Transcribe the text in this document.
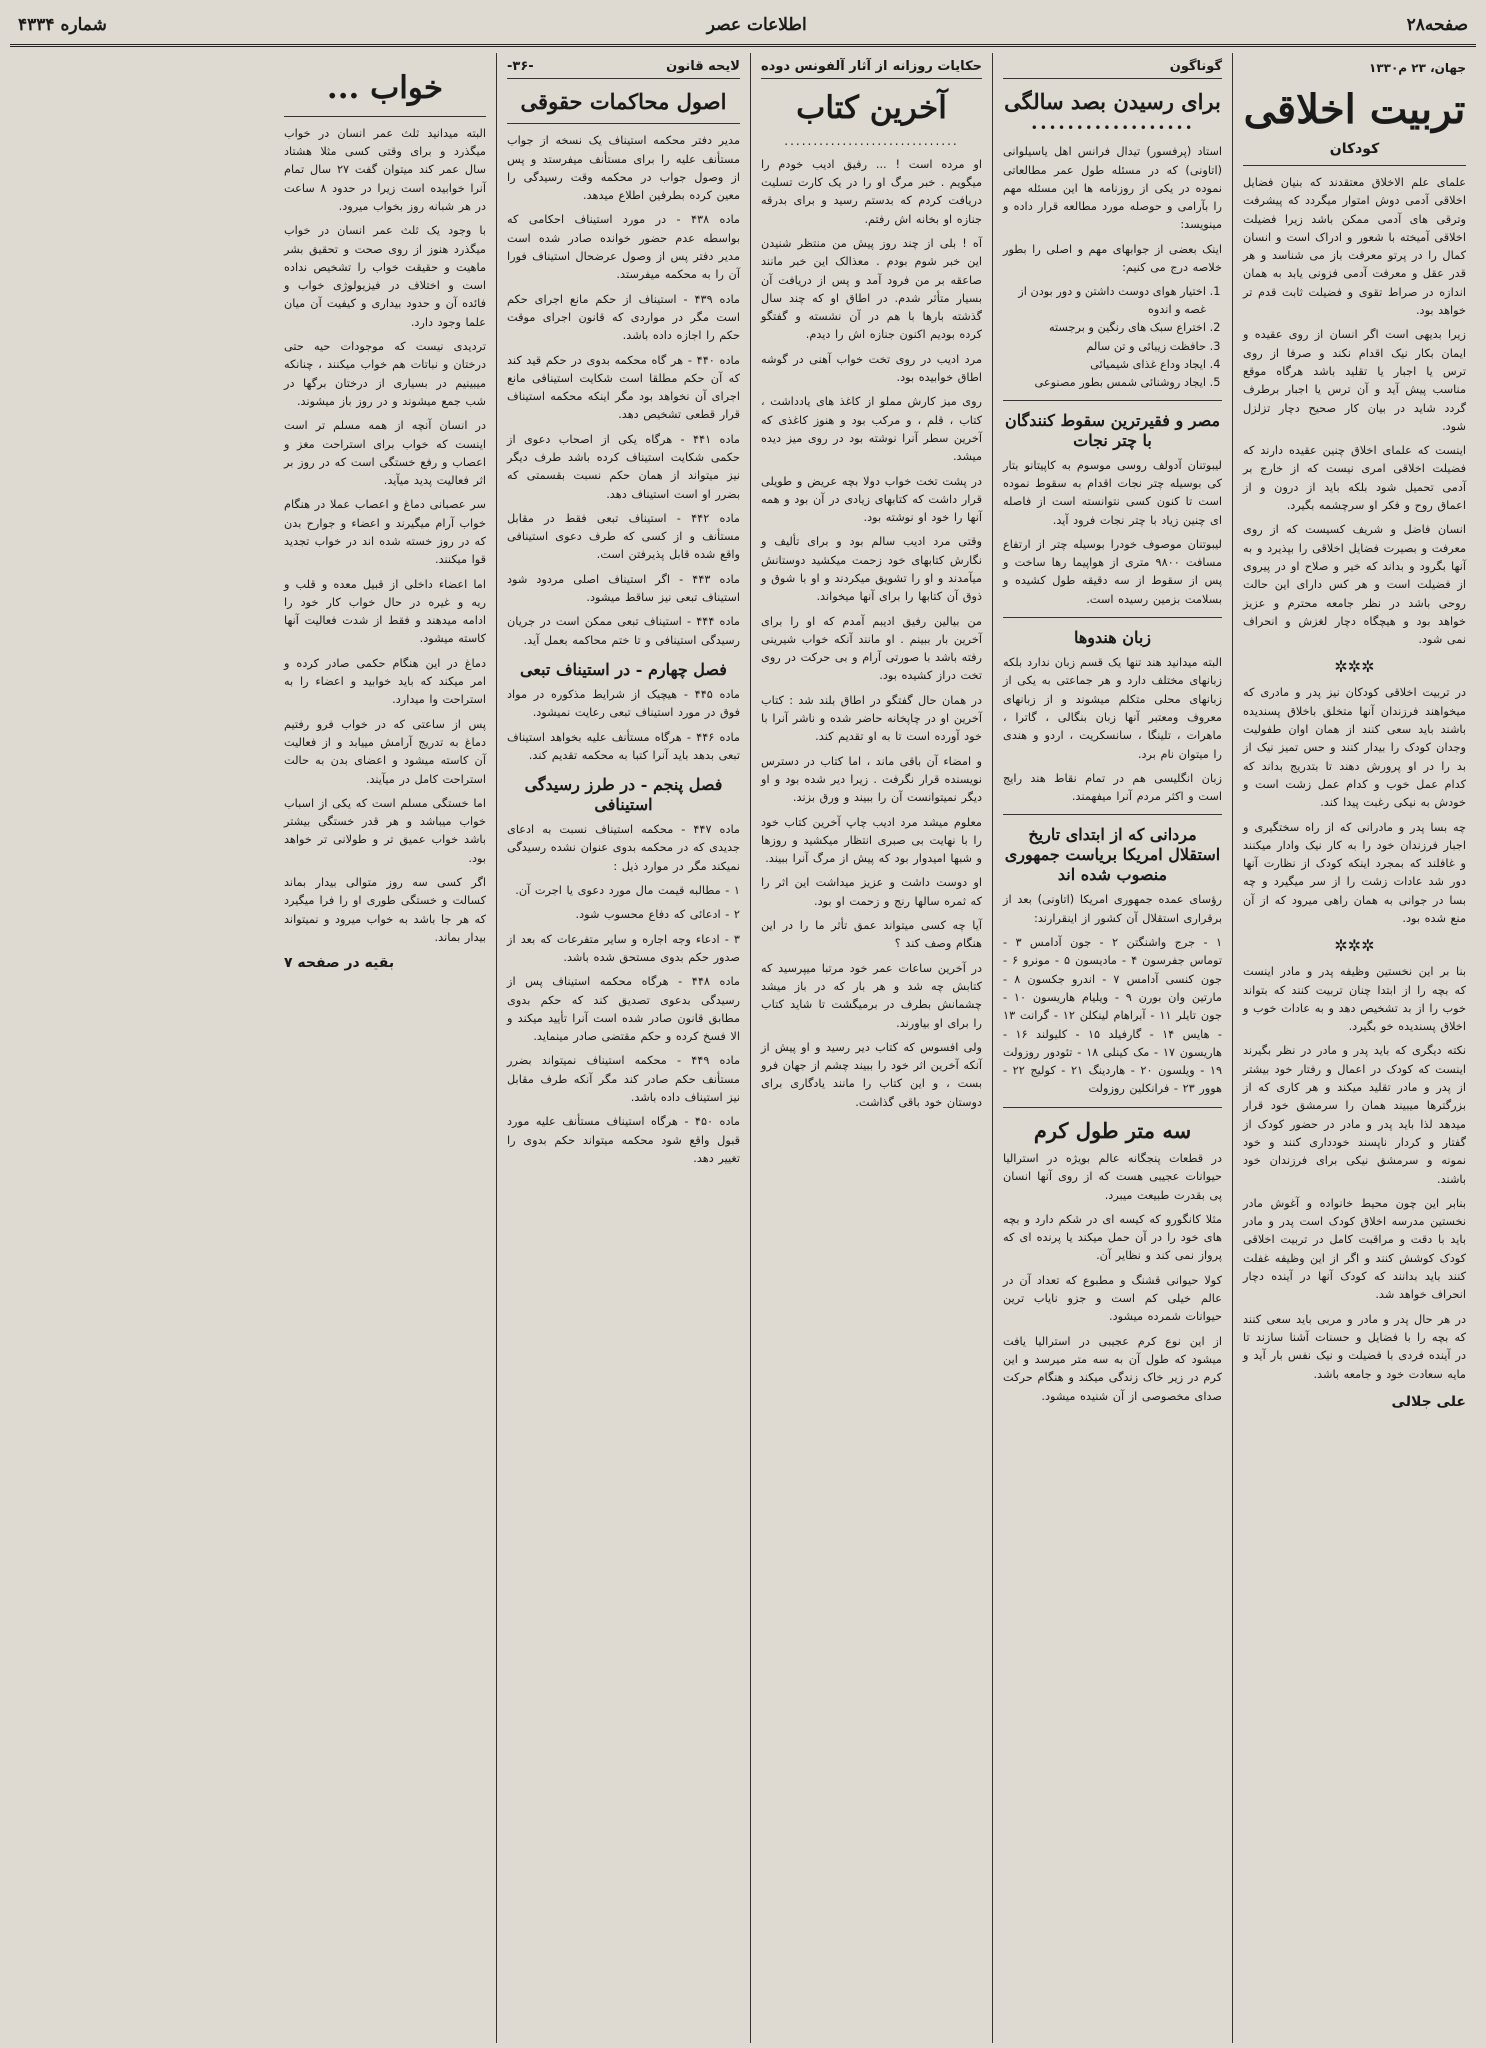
صفحه۲۸
اطلاعات عصر
شماره ۴۳۳۴
جهان، ۲۳ م۱۳۳۰
تربیت اخلاقی
کودکان

علمای علم الاخلاق معتقدند که بنیان فضایل اخلاقی آدمی دوش امتوار میگردد که پیشرفت وترقی های آدمی ممکن باشد زیرا فضیلت اخلاقی آمیخته با شعور و ادراک است و انسان کمال را در پرتو معرفت باز می شناسد و هر قدر عقل و معرفت آدمی فزونی یابد به همان اندازه در صراط تقوی و فضیلت ثابت قدم تر خواهد بود.

زیرا بدیهی است اگر انسان از روی عقیده و ایمان بکار نیک اقدام نکند و صرفا از روی ترس یا اجبار یا تقلید باشد هرگاه موقع مناسب پیش آید و آن ترس یا اجبار برطرف گردد شاید در بیان کار صحیح دچار تزلزل شود.

اینست که علمای اخلاق چنین عقیده دارند که فضیلت اخلاقی امری نیست که از خارج بر آدمی تحمیل شود بلکه باید از درون و از اعماق روح و فکر او سرچشمه بگیرد.

انسان فاضل و شریف کسیست که از روی معرفت و بصیرت فضایل اخلاقی را بپذیرد و به آنها بگرود و بداند که خیر و صلاح او در پیروی از فضیلت است و هر کس دارای این حالت روحی باشد در نظر جامعه محترم و عزیز خواهد بود و هیچگاه دچار لغزش و انحراف نمی شود.

✲✲✲

در تربیت اخلاقی کودکان نیز پدر و مادری که میخواهند فرزندان آنها متخلق باخلاق پسندیده باشند باید سعی کنند از همان اوان طفولیت وجدان کودک را بیدار کنند و حس تمیز نیک از بد را در او پرورش دهند تا بتدریج بداند که کدام عمل خوب و کدام عمل زشت است و خودش به نیکی رغبت پیدا کند.

چه بسا پدر و مادرانی که از راه سختگیری و اجبار فرزندان خود را به کار نیک وادار میکنند و غافلند که بمجرد اینکه کودک از نظارت آنها دور شد عادات زشت را از سر میگیرد و چه بسا در جوانی به همان راهی میرود که از آن منع شده بود.

✲✲✲

بنا بر این نخستین وظیفه پدر و مادر اینست که بچه را از ابتدا چنان تربیت کنند که بتواند خوب را از بد تشخیص دهد و به عادات خوب و اخلاق پسندیده خو بگیرد.

نکته دیگری که باید پدر و مادر در نظر بگیرند اینست که کودک در اعمال و رفتار خود بیشتر از پدر و مادر تقلید میکند و هر کاری که از بزرگترها میبیند همان را سرمشق خود قرار میدهد لذا باید پدر و مادر در حضور کودک از گفتار و کردار ناپسند خودداری کنند و خود نمونه و سرمشق نیکی برای فرزندان خود باشند.

بنابر این چون محیط خانواده و آغوش مادر نخستین مدرسه اخلاق کودک است پدر و مادر باید با دقت و مراقبت کامل در تربیت اخلاقی کودک کوشش کنند و اگر از این وظیفه غفلت کنند باید بدانند که کودک آنها در آینده دچار انحراف خواهد شد.

در هر حال پدر و مادر و مربی باید سعی کنند که بچه را با فضایل و حسنات آشنا سازند تا در آینده فردی با فضیلت و نیک نفس بار آید و مایه سعادت خود و جامعه باشد.

علی جلالی
گوناگون
برای رسیدن بصد سالگی
••••••••••••••••••

استاد (پرفسور) تیدال فرانس اهل یاسیلوانی (اتاونی) که در مسئله طول عمر مطالعاتی نموده در یکی از روزنامه ها این مسئله مهم را بآرامی و حوصله مورد مطالعه قرار داده و مینویسد:

اینک بعضی از جوابهای مهم و اصلی را بطور خلاصه درج می کنیم:

1. اختیار هوای دوست داشتن و دور بودن از غصه و اندوه
2. اختراع سبک های رنگین و برجسته
3. حافظت زیبائی و تن سالم
4. ایجاد وداع غذای شیمیائی
5. ایجاد روشنائی شمس بطور مصنوعی
مصر و فقیرترین سقوط کنندگان با چتر نجات

لیبوتنان آدولف روسی موسوم به کاپیتانو بتار کی بوسیله چتر نجات اقدام به سقوط نموده است تا کنون کسی نتوانسته است از فاصله ای چنین زیاد با چتر نجات فرود آید.

لیبوتنان موصوف خودرا بوسیله چتر از ارتفاع مسافت ۹۸۰۰ متری از هواپیما رها ساخت و پس از سقوط از سه دقیقه طول کشیده و بسلامت بزمین رسیده است.

زبان هندوها

البته میدانید هند تنها یک قسم زبان ندارد بلکه زبانهای مختلف دارد و هر جماعتی به یکی از زبانهای محلی متکلم میشوند و از زبانهای معروف ومعتبر آنها زبان بنگالی ، گاترا ، ماهرات ، تلینگا ، سانسکریت ، اردو و هندی را میتوان نام برد.

زبان انگلیسی هم در تمام نقاط هند رایج است و اکثر مردم آنرا میفهمند.

مردانی که از ابتدای تاریخ استقلال امریکا بریاست جمهوری منصوب شده اند

رؤسای عمده جمهوری امریکا (اتاونی) بعد از برقراری استقلال آن کشور از اینقرارند:

۱ - جرج واشنگتن ۲ - جون آدامس ۳ - توماس جفرسون ۴ - مادیسون ۵ - مونرو ۶ - جون کنسی آدامس ۷ - اندرو جکسون ۸ - مارتین وان بورن ۹ - ویلیام هاریسون ۱۰ - جون تایلر ۱۱ - آبراهام لینکلن ۱۲ - گرانت ۱۳ - هایس ۱۴ - گارفیلد ۱۵ - کلیولند ۱۶ - هاریسون ۱۷ - مک کینلی ۱۸ - تئودور روزولت ۱۹ - ویلسون ۲۰ - هاردینگ ۲۱ - کولیج ۲۲ - هوور ۲۳ - فرانکلین روزولت

سه متر طول کرم

در قطعات پنجگانه عالم بویژه در استرالیا حیوانات عجیبی هست که از روی آنها انسان پی بقدرت طبیعت میبرد.

مثلا کانگورو که کیسه ای در شکم دارد و بچه های خود را در آن حمل میکند یا پرنده ای که پرواز نمی کند و نظایر آن.

کولا حیوانی قشنگ و مطبوع که تعداد آن در عالم خیلی کم است و جزو نایاب ترین حیوانات شمرده میشود.

از این نوع کرم عجیبی در استرالیا یافت میشود که طول آن به سه متر میرسد و این کرم در زیر خاک زندگی میکند و هنگام حرکت صدای مخصوصی از آن شنیده میشود.

حکایات روزانه
از آثار آلفونس دوده
آخرین کتاب
..............................

او مرده است ! ... رفیق ادیب خودم را میگویم . خبر مرگ او را در یک کارت تسلیت دریافت کردم که بدستم رسید و برای بدرقه جنازه او بخانه اش رفتم.

آه ! بلی از چند روز پیش من منتظر شنیدن این خبر شوم بودم . معذالک این خبر مانند صاعقه بر من فرود آمد و پس از دریافت آن بسیار متأثر شدم. در اطاق او که چند سال گذشته بارها با هم در آن نشسته و گفتگو کرده بودیم اکنون جنازه اش را دیدم.

مرد ادیب در روی تخت خواب آهنی در گوشه اطاق خوابیده بود.

روی میز کارش مملو از کاغذ های یادداشت ، کتاب ، قلم ، و مرکب بود و هنوز کاغذی که آخرین سطر آنرا نوشته بود در روی میز دیده میشد.

در پشت تخت خواب دولا بچه عریض و طویلی قرار داشت که کتابهای زیادی در آن بود و همه آنها را خود او نوشته بود.

وقتی مرد ادیب سالم بود و برای تألیف و نگارش کتابهای خود زحمت میکشید دوستانش میآمدند و او را تشویق میکردند و او با شوق و ذوق آن کتابها را برای آنها میخواند.

من بیالین رفیق ادیبم آمدم که او را برای آخرین بار ببینم . او مانند آنکه خواب شیرینی رفته باشد با صورتی آرام و بی حرکت در روی تخت دراز کشیده بود.

در همان حال گفتگو در اطاق بلند شد : کتاب آخرین او در چاپخانه حاضر شده و ناشر آنرا با خود آورده است تا به او تقدیم کند.

و امضاء آن باقی ماند ، اما کتاب در دسترس نویسنده قرار نگرفت . زیرا دیر شده بود و او دیگر نمیتوانست آن را ببیند و ورق بزند.

معلوم میشد مرد ادیب چاپ آخرین کتاب خود را با نهایت بی صبری انتظار میکشید و روزها و شبها امیدوار بود که پیش از مرگ آنرا ببیند.

او دوست داشت و عزیز میداشت این اثر را که ثمره سالها رنج و زحمت او بود.

آیا چه کسی میتواند عمق تأثر ما را در این هنگام وصف کند ؟

در آخرین ساعات عمر خود مرتبا میپرسید که کتابش چه شد و هر بار که در باز میشد چشمانش بطرف در برمیگشت تا شاید کتاب را برای او بیاورند.

ولی افسوس که کتاب دیر رسید و او پیش از آنکه آخرین اثر خود را ببیند چشم از جهان فرو بست ، و این کتاب را مانند یادگاری برای دوستان خود باقی گذاشت.

لایحه قانون
-۳۶-
اصول محاکمات حقوقی

مدیر دفتر محکمه استیناف یک نسخه از جواب مستأنف علیه را برای مستأنف میفرستد و پس از وصول جواب در محکمه وقت رسیدگی را معین کرده بطرفین اطلاع میدهد.

ماده ۴۳۸ - در مورد استیناف احکامی که بواسطه عدم حضور خوانده صادر شده است مدیر دفتر پس از وصول عرضحال استیناف فورا آن را به محکمه میفرستد.

ماده ۴۳۹ - استیناف از حکم مانع اجرای حکم است مگر در مواردی که قانون اجرای موقت حکم را اجازه داده باشد.

ماده ۴۴۰ - هر گاه محکمه بدوی در حکم قید کند که آن حکم مطلقا است شکایت استینافی مانع اجرای آن نخواهد بود مگر اینکه محکمه استیناف قرار قطعی تشخیص دهد.

ماده ۴۴۱ - هرگاه یکی از اصحاب دعوی از حکمی شکایت استیناف کرده باشد طرف دیگر نیز میتواند از همان حکم نسبت بقسمتی که بضرر او است استیناف دهد.

ماده ۴۴۲ - استیناف تبعی فقط در مقابل مستأنف و از کسی که طرف دعوی استینافی واقع شده قابل پذیرفتن است.

ماده ۴۴۳ - اگر استیناف اصلی مردود شود استیناف تبعی نیز ساقط میشود.

ماده ۴۴۴ - استیناف تبعی ممکن است در جریان رسیدگی استینافی و تا ختم محاکمه بعمل آید.

فصل چهارم - در استیناف تبعی

ماده ۴۴۵ - هیچیک از شرایط مذکوره در مواد فوق در مورد استیناف تبعی رعایت نمیشود.

ماده ۴۴۶ - هرگاه مستأنف علیه بخواهد استیناف تبعی بدهد باید آنرا کتبا به محکمه تقدیم کند.

فصل پنجم - در طرز رسیدگی استینافی

ماده ۴۴۷ - محکمه استیناف نسبت به ادعای جدیدی که در محکمه بدوی عنوان نشده رسیدگی نمیکند مگر در موارد ذیل :

۱ - مطالبه قیمت مال مورد دعوی یا اجرت آن.

۲ - ادعائی که دفاع محسوب شود.

۳ - ادعاء وجه اجاره و سایر متفرعات که بعد از صدور حکم بدوی مستحق شده باشد.

ماده ۴۴۸ - هرگاه محکمه استیناف پس از رسیدگی بدعوی تصدیق کند که حکم بدوی مطابق قانون صادر شده است آنرا تأیید میکند و الا فسخ کرده و حکم مقتضی صادر مینماید.

ماده ۴۴۹ - محکمه استیناف نمیتواند بضرر مستأنف حکم صادر کند مگر آنکه طرف مقابل نیز استیناف داده باشد.

ماده ۴۵۰ - هرگاه استیناف مستأنف علیه مورد قبول واقع شود محکمه میتواند حکم بدوی را تغییر دهد.

خواب ...

البته میدانید ثلث عمر انسان در خواب میگذرد و برای وقتی کسی مثلا هشتاد سال عمر کند میتوان گفت ۲۷ سال تمام آنرا خوابیده است زیرا در حدود ۸ ساعت در هر شبانه روز بخواب میرود.

با وجود یک ثلث عمر انسان در خواب میگذرد هنوز از روی صحت و تحقیق بشر ماهیت و حقیقت خواب را تشخیص نداده است و اختلاف در فیزیولوژی خواب و فائده آن و حدود بیداری و کیفیت آن میان علما وجود دارد.

تردیدی نیست که موجودات حیه حتی درختان و نباتات هم خواب میکنند ، چنانکه میبینیم در بسیاری از درختان برگها در شب جمع میشوند و در روز باز میشوند.

در انسان آنچه از همه مسلم تر است اینست که خواب برای استراحت مغز و اعصاب و رفع خستگی است که در روز بر اثر فعالیت پدید میآید.

سر عصبانی دماغ و اعصاب عملا در هنگام خواب آرام میگیرند و اعضاء و جوارح بدن که در روز خسته شده اند در خواب تجدید قوا میکنند.

اما اعضاء داخلی از قبیل معده و قلب و ریه و غیره در حال خواب کار خود را ادامه میدهند و فقط از شدت فعالیت آنها کاسته میشود.

دماغ در این هنگام حکمی صادر کرده و امر میکند که باید خوابید و اعضاء را به استراحت وا میدارد.

پس از ساعتی که در خواب فرو رفتیم دماغ به تدریج آرامش مییابد و از فعالیت آن کاسته میشود و اعضای بدن به حالت استراحت کامل در میآیند.

اما خستگی مسلم است که یکی از اسباب خواب میباشد و هر قدر خستگی بیشتر باشد خواب عمیق تر و طولانی تر خواهد بود.

اگر کسی سه روز متوالی بیدار بماند کسالت و خستگی طوری او را فرا میگیرد که هر جا باشد به خواب میرود و نمیتواند بیدار بماند.

بقیه در صفحه ۷
